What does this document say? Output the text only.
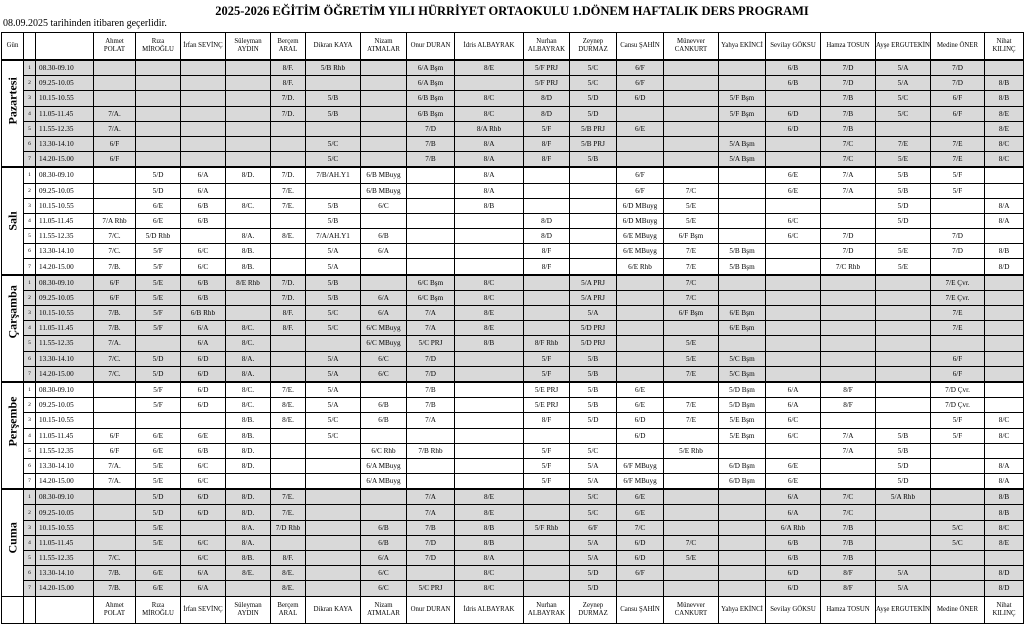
2025-2026 EĞİTİM ÖĞRETİM YILI HÜRRİYET ORTAOKULU 1.DÖNEM HAFTALIK DERS PROGRAMI
08.09.2025 tarihinden itibaren geçerlidir.
Gün			Ahmet POLAT	Rıza MİROĞLU	İrfan SEVİNÇ	Süleyman AYDIN	Berçem ARAL	Dikran KAYA	Nizam ATMALAR	Onur DURAN	İdris ALBAYRAK	Nurhan ALBAYRAK	Zeynep DURMAZ	Cansu ŞAHİN	Münevver CANKURT	Yahya EKİNCİ	Sevilay GÖKSU	Hamza TOSUN	Ayşe ERGUTEKİN	Medine ÖNER	Nihat KILINÇ

Pazartesi	1	08.30-09.10					8/F.	5/B Rhb		6/A Bşm	8/E	5/F PRJ	5/C	6/F			6/B	7/D	5/A	7/D	
	2	09.25-10.05					8/F.			6/A Bşm		5/F PRJ	5/C	6/F			6/B	7/D	5/A	7/D	8/B
	3	10.15-10.55					7/D.	5/B		6/B Bşm	8/C	8/D	5/D	6/D		5/F Bşm		7/B	5/C	6/F	8/B
	4	11.05-11.45	7/A.				7/D.	5/B		6/B Bşm	8/C	8/D	5/D			5/F Bşm	6/D	7/B	5/C	6/F	8/E
	5	11.55-12.35	7/A.							7/D	8/A Rhb	5/F	5/B PRJ	6/E			6/D	7/B			8/E
	6	13.30-14.10	6/F					5/C		7/B	8/A	8/F	5/B PRJ			5/A Bşm		7/C	7/E	7/E	8/C
	7	14.20-15.00	6/F					5/C		7/B	8/A	8/F	5/B			5/A Bşm		7/C	5/E	7/E	8/C

Salı	1	08.30-09.10		5/D	6/A	8/D.	7/D.	7/B/AH.Y1	6/B MBuyg		8/A			6/F			6/E	7/A	5/B	5/F	
	2	09.25-10.05		5/D	6/A		7/E.		6/B MBuyg		8/A			6/F	7/C		6/E	7/A	5/B	5/F	
	3	10.15-10.55		6/E	6/B	8/C.	7/E.	5/B	6/C		8/B			6/D MBuyg	5/E				5/D		8/A
	4	11.05-11.45	7/A Rhb	6/E	6/B			5/B				8/D		6/D MBuyg	5/E		6/C		5/D		8/A
	5	11.55-12.35	7/C.	5/D Rhb		8/A.	8/E.	7/A/AH.Y1	6/B			8/D		6/E MBuyg	6/F Bşm		6/C	7/D		7/D	
	6	13.30-14.10	7/C.	5/F	6/C	8/B.		5/A	6/A			8/F		6/E MBuyg	7/E	5/B Bşm		7/D	5/E	7/D	8/B
	7	14.20-15.00	7/B.	5/F	6/C	8/B.		5/A				8/F		6/E Rhb	7/E	5/B Bşm		7/C Rhb	5/E		8/D

Çarşamba	1	08.30-09.10	6/F	5/E	6/B	8/E Rhb	7/D.	5/B		6/C Bşm	8/C		5/A PRJ		7/C					7/E Çvr.	
	2	09.25-10.05	6/F	5/E	6/B		7/D.	5/B	6/A	6/C Bşm	8/C		5/A PRJ		7/C					7/E Çvr.	
	3	10.15-10.55	7/B.	5/F	6/B Rhb		8/F.	5/C	6/A	7/A	8/E		5/A		6/F Bşm	6/E Bşm				7/E	
	4	11.05-11.45	7/B.	5/F	6/A	8/C.	8/F.	5/C	6/C MBuyg	7/A	8/E		5/D PRJ			6/E Bşm				7/E	
	5	11.55-12.35	7/A.		6/A	8/C.			6/C MBuyg	5/C PRJ	8/B	8/F Rhb	5/D PRJ		5/E						
	6	13.30-14.10	7/C.	5/D	6/D	8/A.		5/A	6/C	7/D		5/F	5/B		5/E	5/C Bşm				6/F	
	7	14.20-15.00	7/C.	5/D	6/D	8/A.		5/A	6/C	7/D		5/F	5/B		7/E	5/C Bşm				6/F	

Perşembe	1	08.30-09.10		5/F	6/D	8/C.	7/E.	5/A		7/B		5/E PRJ	5/B	6/E		5/D Bşm	6/A	8/F		7/D Çvr.	
	2	09.25-10.05		5/F	6/D	8/C.	8/E.	5/A	6/B	7/B		5/E PRJ	5/B	6/E	7/E	5/D Bşm	6/A	8/F		7/D Çvr.	
	3	10.15-10.55				8/B.	8/E.	5/C	6/B	7/A		8/F	5/D	6/D	7/E	5/E Bşm	6/C			5/F	8/C
	4	11.05-11.45	6/F	6/E	6/E	8/B.		5/C						6/D		5/E Bşm	6/C	7/A	5/B	5/F	8/C
	5	11.55-12.35	6/F	6/E	6/B	8/D.			6/C Rhb	7/B Rhb		5/F	5/C		5/E Rhb			7/A	5/B		
	6	13.30-14.10	7/A.	5/E	6/C	8/D.			6/A MBuyg			5/F	5/A	6/F MBuyg		6/D Bşm	6/E		5/D		8/A
	7	14.20-15.00	7/A.	5/E	6/C				6/A MBuyg			5/F	5/A	6/F MBuyg		6/D Bşm	6/E		5/D		8/A

Cuma	1	08.30-09.10		5/D	6/D	8/D.	7/E.			7/A	8/E		5/C	6/E			6/A	7/C	5/A Rhb		8/B
	2	09.25-10.05		5/D	6/D	8/D.	7/E.			7/A	8/E		5/C	6/E			6/A	7/C			8/B
	3	10.15-10.55		5/E		8/A.	7/D Rhb		6/B	7/B	8/B	5/F Rhb	6/F	7/C			6/A Rhb	7/B		5/C	8/C
	4	11.05-11.45		5/E	6/C	8/A.			6/B	7/D	8/B		5/A	6/D	7/C		6/B	7/B		5/C	8/E
	5	11.55-12.35	7/C.		6/C	8/B.	8/F.		6/A	7/D	8/A		5/A	6/D	5/E		6/B	7/B			
	6	13.30-14.10	7/B.	6/E	6/A	8/E.	8/E.		6/C		8/C		5/D	6/F			6/D	8/F	5/A		8/D
	7	14.20-15.00	7/B.	6/E	6/A		8/E.		6/C	5/C PRJ	8/C		5/D				6/D	8/F	5/A		8/D
			Ahmet POLAT	Rıza MİROĞLU	İrfan SEVİNÇ	Süleyman AYDIN	Berçem ARAL	Dikran KAYA	Nizam ATMALAR	Onur DURAN	İdris ALBAYRAK	Nurhan ALBAYRAK	Zeynep DURMAZ	Cansu ŞAHİN	Münevver CANKURT	Yahya EKİNCİ	Sevilay GÖKSU	Hamza TOSUN	Ayşe ERGUTEKİN	Medine ÖNER	Nihat KILINÇ
